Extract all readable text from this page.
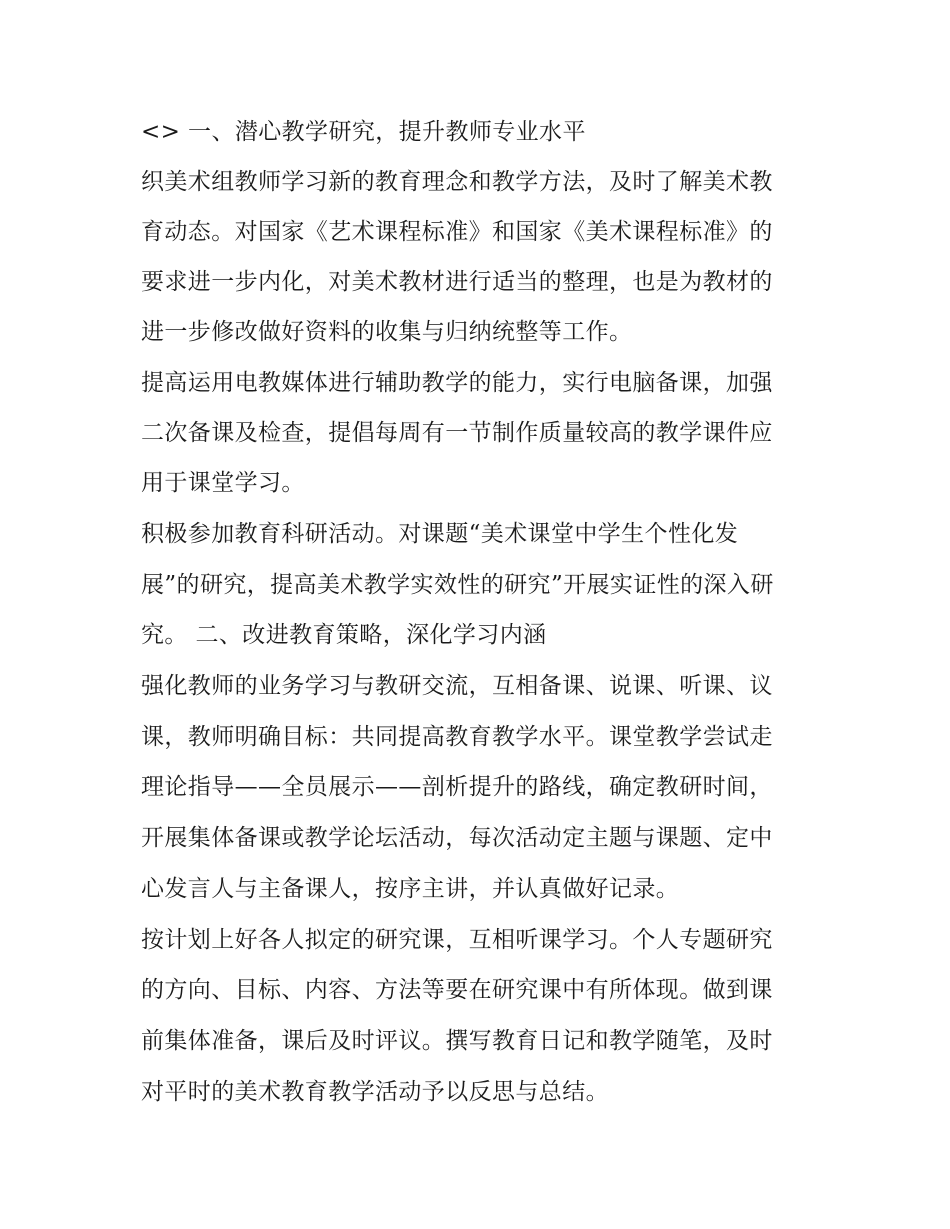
<> 一、潜心教学研究，提升教师专业水平
织美术组教师学习新的教育理念和教学方法，及时了解美术教
育动态。对国家《艺术课程标准》和国家《美术课程标准》的
要求进一步内化，对美术教材进行适当的整理，也是为教材的
进一步修改做好资料的收集与归纳统整等工作。
提高运用电教媒体进行辅助教学的能力，实行电脑备课，加强
二次备课及检查，提倡每周有一节制作质量较高的教学课件应
用于课堂学习。
积极参加教育科研活动。对课题“美术课堂中学生个性化发
展”的研究，提高美术教学实效性的研究”开展实证性的深入研
究。 二、改进教育策略，深化学习内涵
强化教师的业务学习与教研交流，互相备课、说课、听课、议
课，教师明确目标：共同提高教育教学水平。课堂教学尝试走
理论指导——全员展示——剖析提升的路线，确定教研时间，
开展集体备课或教学论坛活动，每次活动定主题与课题、定中
心发言人与主备课人，按序主讲，并认真做好记录。
按计划上好各人拟定的研究课，互相听课学习。个人专题研究
的方向、目标、内容、方法等要在研究课中有所体现。做到课
前集体准备，课后及时评议。撰写教育日记和教学随笔，及时
对平时的美术教育教学活动予以反思与总结。
